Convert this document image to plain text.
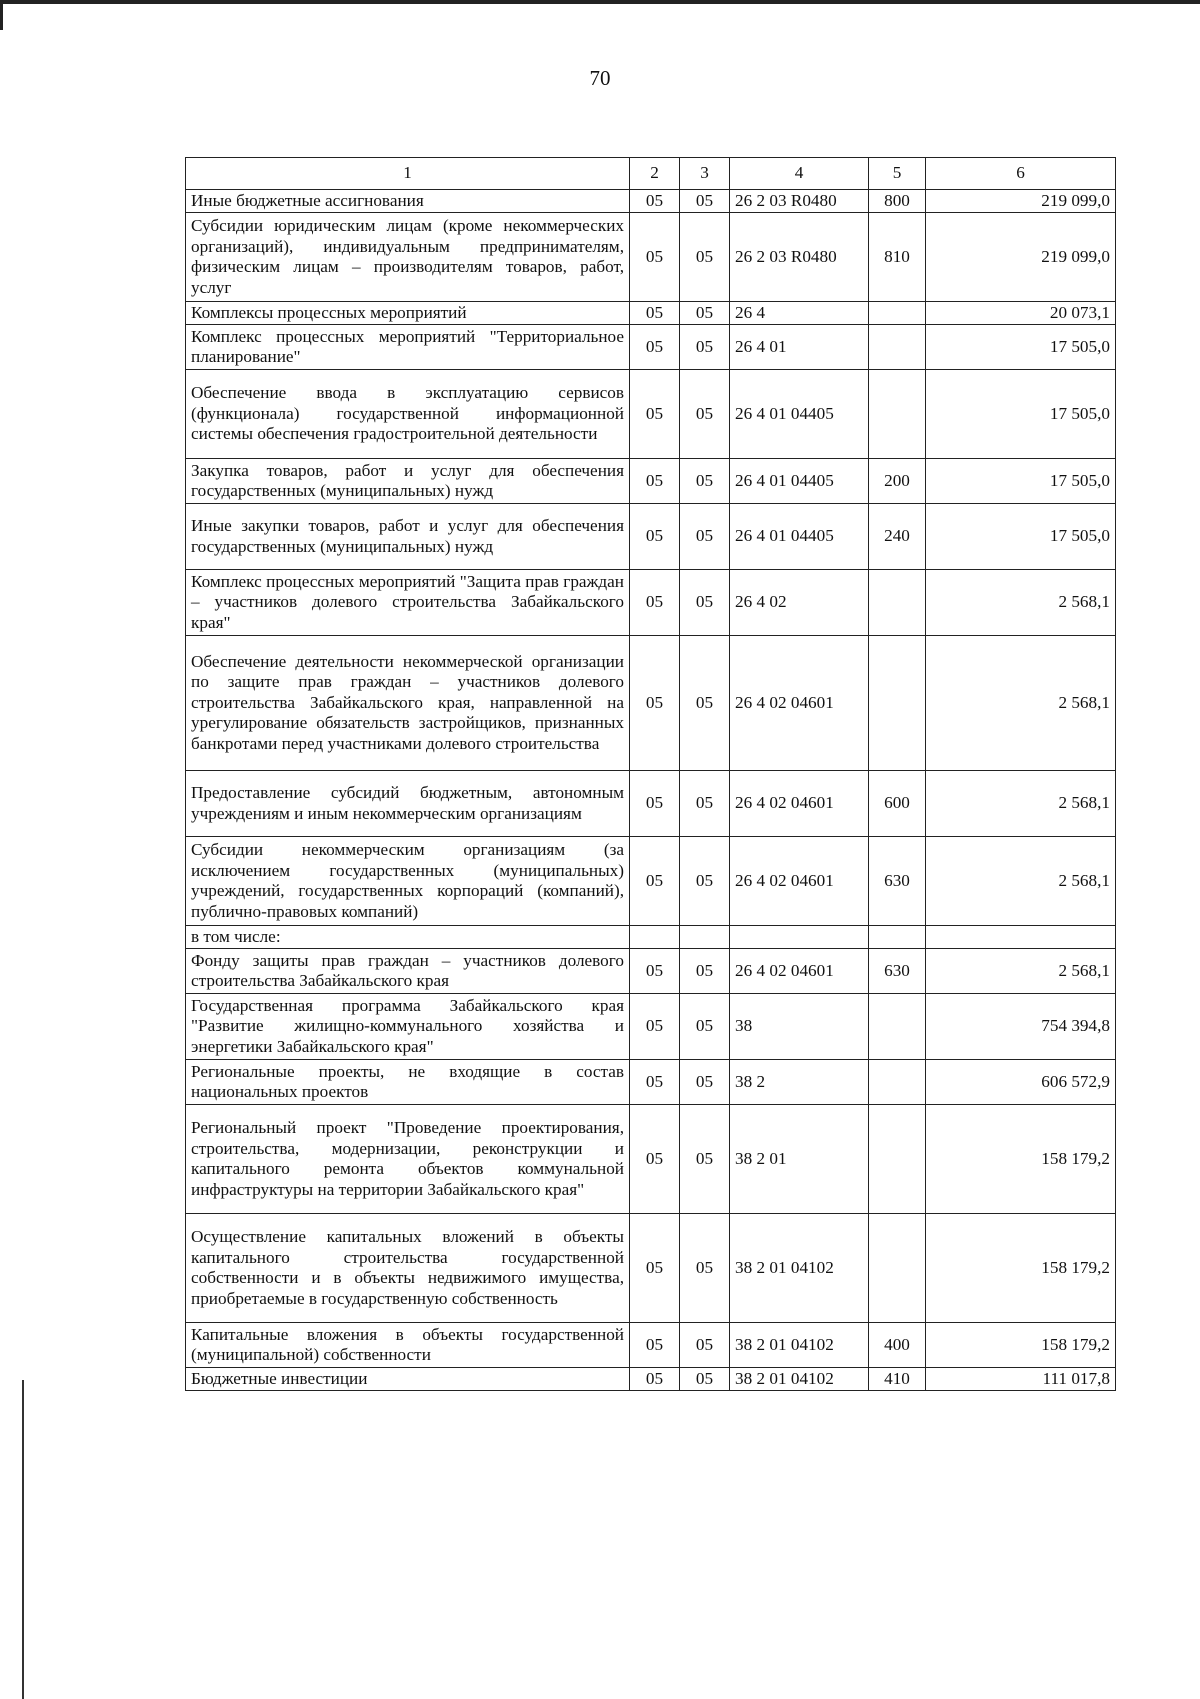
70
1	2	3	4	5	6
Иные бюджетные ассигнования	05	05	26 2 03 R0480	800	219 099,0
Субсидии юридическим лицам (кроме некоммерческих организаций), индивидуальным предпринимателям, физическим лицам – производителям товаров, работ, услуг	05	05	26 2 03 R0480	810	219 099,0
Комплексы процессных мероприятий	05	05	26 4		20 073,1
Комплекс процессных мероприятий "Территориальное планирование"	05	05	26 4 01		17 505,0
Обеспечение ввода в эксплуатацию сервисов (функционала) государственной информационной системы обеспечения градостроительной деятельности	05	05	26 4 01 04405		17 505,0
Закупка товаров, работ и услуг для обеспечения государственных (муниципальных) нужд	05	05	26 4 01 04405	200	17 505,0
Иные закупки товаров, работ и услуг для обеспечения государственных (муниципальных) нужд	05	05	26 4 01 04405	240	17 505,0
Комплекс процессных мероприятий "Защита прав граждан – участников долевого строительства Забайкальского края"	05	05	26 4 02		2 568,1
Обеспечение деятельности некоммерческой организации по защите прав граждан – участников долевого строительства Забайкальского края, направленной на урегулирование обязательств застройщиков, признанных банкротами перед участниками долевого строительства	05	05	26 4 02 04601		2 568,1
Предоставление субсидий бюджетным, автономным учреждениям и иным некоммерческим организациям	05	05	26 4 02 04601	600	2 568,1
Субсидии некоммерческим организациям (за исключением государственных (муниципальных) учреждений, государственных корпораций (компаний), публично-правовых компаний)	05	05	26 4 02 04601	630	2 568,1
в том числе:					
Фонду защиты прав граждан – участников долевого строительства Забайкальского края	05	05	26 4 02 04601	630	2 568,1
Государственная программа Забайкальского края "Развитие жилищно-коммунального хозяйства и энергетики Забайкальского края"	05	05	38		754 394,8
Региональные проекты, не входящие в состав национальных проектов	05	05	38 2		606 572,9
Региональный проект "Проведение проектирования, строительства, модернизации, реконструкции и капитального ремонта объектов коммунальной инфраструктуры на территории Забайкальского края"	05	05	38 2 01		158 179,2
Осуществление капитальных вложений в объекты капитального строительства государственной собственности и в объекты недвижимого имущества, приобретаемые в государственную собственность	05	05	38 2 01 04102		158 179,2
Капитальные вложения в объекты государственной (муниципальной) собственности	05	05	38 2 01 04102	400	158 179,2
Бюджетные инвестиции	05	05	38 2 01 04102	410	111 017,8
